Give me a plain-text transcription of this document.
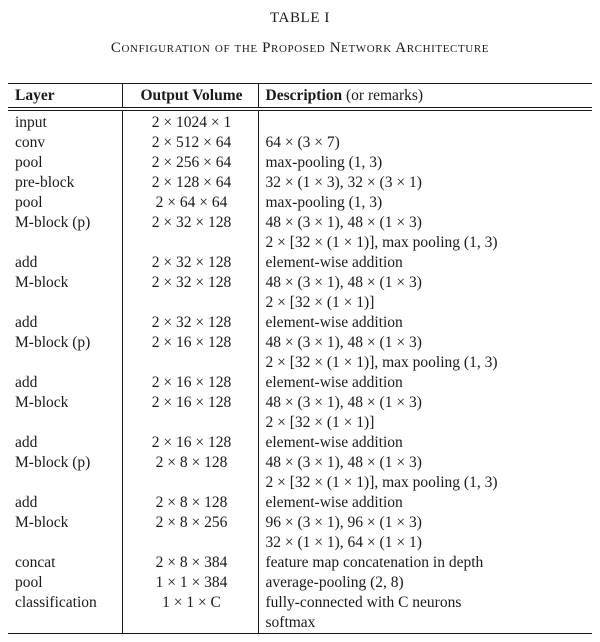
TABLE I
Configuration of the Proposed Network Architecture
Layer	Output Volume	Description (or remarks)
input	2 × 1024 × 1	
conv	2 × 512 × 64	64 × (3 × 7)

pool	2 × 256 × 64	max-pooling (1, 3)

pre-block	2 × 128 × 64	32 × (1 × 3), 32 × (3 × 1)

pool	2 × 64 × 64	max-pooling (1, 3)

M-block (p)	2 × 32 × 128	48 × (3 × 1), 48 × (1 × 3)
2 × [32 × (1 × 1)], max pooling (1, 3)

add	2 × 32 × 128	element-wise addition

M-block	2 × 32 × 128	48 × (3 × 1), 48 × (1 × 3)
2 × [32 × (1 × 1)]

add	2 × 32 × 128	element-wise addition

M-block (p)	2 × 16 × 128	48 × (3 × 1), 48 × (1 × 3)
2 × [32 × (1 × 1)], max pooling (1, 3)

add	2 × 16 × 128	element-wise addition

M-block	2 × 16 × 128	48 × (3 × 1), 48 × (1 × 3)
2 × [32 × (1 × 1)]

add	2 × 16 × 128	element-wise addition

M-block (p)	2 × 8 × 128	48 × (3 × 1), 48 × (1 × 3)
2 × [32 × (1 × 1)], max pooling (1, 3)

add	2 × 8 × 128	element-wise addition

M-block	2 × 8 × 256	96 × (3 × 1), 96 × (1 × 3)
32 × (1 × 1), 64 × (1 × 1)

concat	2 × 8 × 384	feature map concatenation in depth

pool	1 × 1 × 384	average-pooling (2, 8)

classification	1 × 1 × C	fully-connected with C neurons
softmax
